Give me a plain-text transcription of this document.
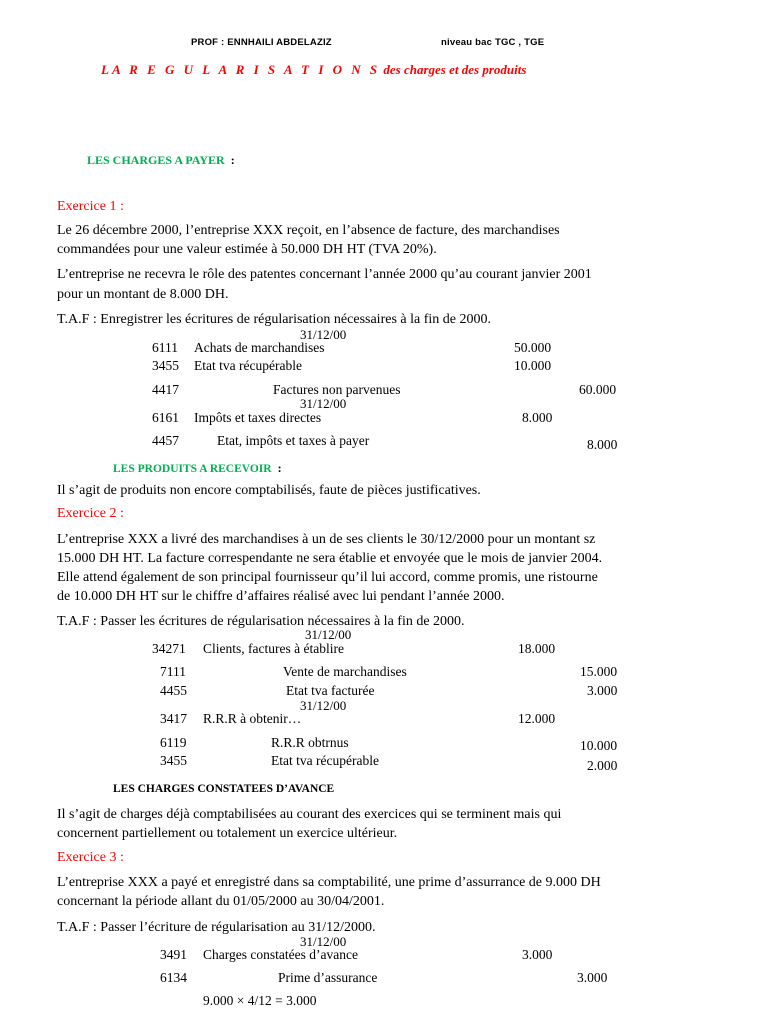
PROF : ENNHAILI ABDELAZIZ	niveau bac TGC , TGE
LA R E G U L A R I S A T I O N S des charges et des produits
LES CHARGES A PAYER :
Exercice 1 :
Le 26 décembre 2000, l’entreprise XXX reçoit, en l’absence de facture, des marchandises
commandées pour une valeur estimée à 50.000 DH HT (TVA 20%).
L’entreprise ne recevra le rôle des patentes concernant l’année 2000 qu’au courant janvier 2001
pour un montant de 8.000 DH.
T.A.F : Enregistrer les écritures de régularisation nécessaires à la fin de 2000.
31/12/00
6111 Achats de marchandises	50.000
3455 Etat tva récupérable	10.000
4417	Factures non parvenues	60.000
31/12/00
6161 Impôts et taxes directes	8.000
4457	Etat, impôts et taxes à payer	8.000
LES PRODUITS A RECEVOIR :
Il s’agit de produits non encore comptabilisés, faute de pièces justificatives.
Exercice 2 :
L’entreprise XXX a livré des marchandises à un de ses clients le 30/12/2000 pour un montant sz
15.000 DH HT. La facture correspendante ne sera établie et envoyée que le mois de janvier 2004.
Elle attend également de son principal fournisseur qu’il lui accord, comme promis, une ristourne
de 10.000 DH HT sur le chiffre d’affaires réalisé avec lui pendant l’année 2000.
T.A.F : Passer les écritures de régularisation nécessaires à la fin de 2000.
31/12/00
34271 Clients, factures à établire	18.000
7111	Vente de marchandises	15.000
4455	Etat tva facturée	3.000
31/12/00
3417 R.R.R à obtenir…	12.000
6119	R.R.R obtrnus	10.000
3455	Etat tva récupérable	2.000
LES CHARGES CONSTATEES D’AVANCE
Il s’agit de charges déjà comptabilisées au courant des exercices qui se terminent mais qui
concernent partiellement ou totalement un exercice ultérieur.
Exercice 3 :
L’entreprise XXX a payé et enregistré dans sa comptabilité, une prime d’assurrance de 9.000 DH
concernant la période allant du 01/05/2000 au 30/04/2001.
T.A.F : Passer l’écriture de régularisation au 31/12/2000.
31/12/00
3491 Charges constatées d’avance	3.000
6134	Prime d’assurance	3.000
9.000 × 4/12 = 3.000
